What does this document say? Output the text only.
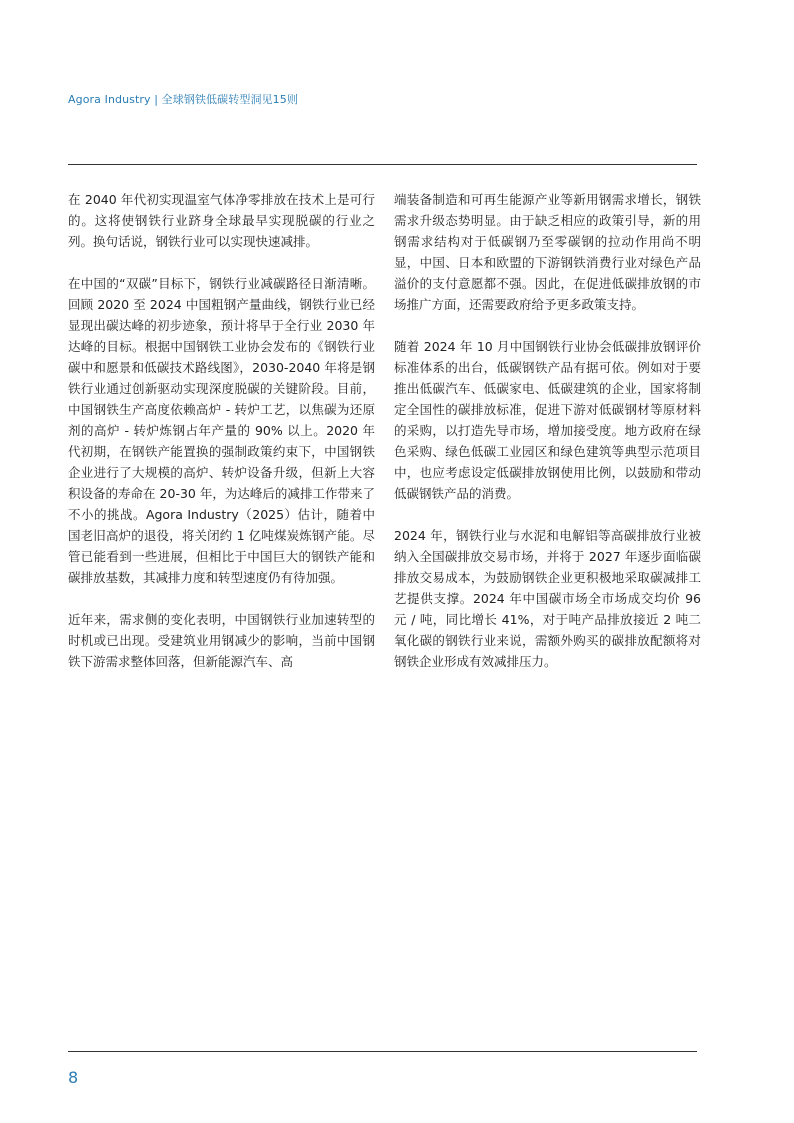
Agora Industry | 全球钢铁低碳转型洞见15则

在 2040 年代初实现温室气体净零排放在技术上是可行的。这将使钢铁行业跻身全球最早实现脱碳的行业之列。换句话说，钢铁行业可以实现快速减排。

在中国的“双碳”目标下，钢铁行业减碳路径日渐清晰。回顾 2020 至 2024 中国粗钢产量曲线，钢铁行业已经显现出碳达峰的初步迹象，预计将早于全行业 2030 年达峰的目标。根据中国钢铁工业协会发布的《钢铁行业碳中和愿景和低碳技术路线图》，2030-2040 年将是钢铁行业通过创新驱动实现深度脱碳的关键阶段。目前，中国钢铁生产高度依赖高炉 - 转炉工艺，以焦碳为还原剂的高炉 - 转炉炼钢占年产量的 90% 以上。2020 年代初期，在钢铁产能置换的强制政策约束下，中国钢铁企业进行了大规模的高炉、转炉设备升级，但新上大容积设备的寿命在 20-30 年，为达峰后的减排工作带来了不小的挑战。Agora Industry（2025）估计，随着中国老旧高炉的退役，将关闭约 1 亿吨煤炭炼钢产能。尽管已能看到一些进展，但相比于中国巨大的钢铁产能和碳排放基数，其减排力度和转型速度仍有待加强。

近年来，需求侧的变化表明，中国钢铁行业加速转型的时机或已出现。受建筑业用钢减少的影响，当前中国钢铁下游需求整体回落，但新能源汽车、高

端装备制造和可再生能源产业等新用钢需求增长，钢铁需求升级态势明显。由于缺乏相应的政策引导，新的用钢需求结构对于低碳钢乃至零碳钢的拉动作用尚不明显，中国、日本和欧盟的下游钢铁消费行业对绿色产品溢价的支付意愿都不强。因此，在促进低碳排放钢的市场推广方面，还需要政府给予更多政策支持。

随着 2024 年 10 月中国钢铁行业协会低碳排放钢评价标准体系的出台，低碳钢铁产品有据可依。例如对于要推出低碳汽车、低碳家电、低碳建筑的企业，国家将制定全国性的碳排放标准，促进下游对低碳钢材等原材料的采购，以打造先导市场，增加接受度。地方政府在绿色采购、绿色低碳工业园区和绿色建筑等典型示范项目中，也应考虑设定低碳排放钢使用比例，以鼓励和带动低碳钢铁产品的消费。

2024 年，钢铁行业与水泥和电解铝等高碳排放行业被纳入全国碳排放交易市场，并将于 2027 年逐步面临碳排放交易成本，为鼓励钢铁企业更积极地采取碳减排工艺提供支撑。2024 年中国碳市场全市场成交均价 96 元 / 吨，同比增长 41%，对于吨产品排放接近 2 吨二氧化碳的钢铁行业来说，需额外购买的碳排放配额将对钢铁企业形成有效减排压力。

8
